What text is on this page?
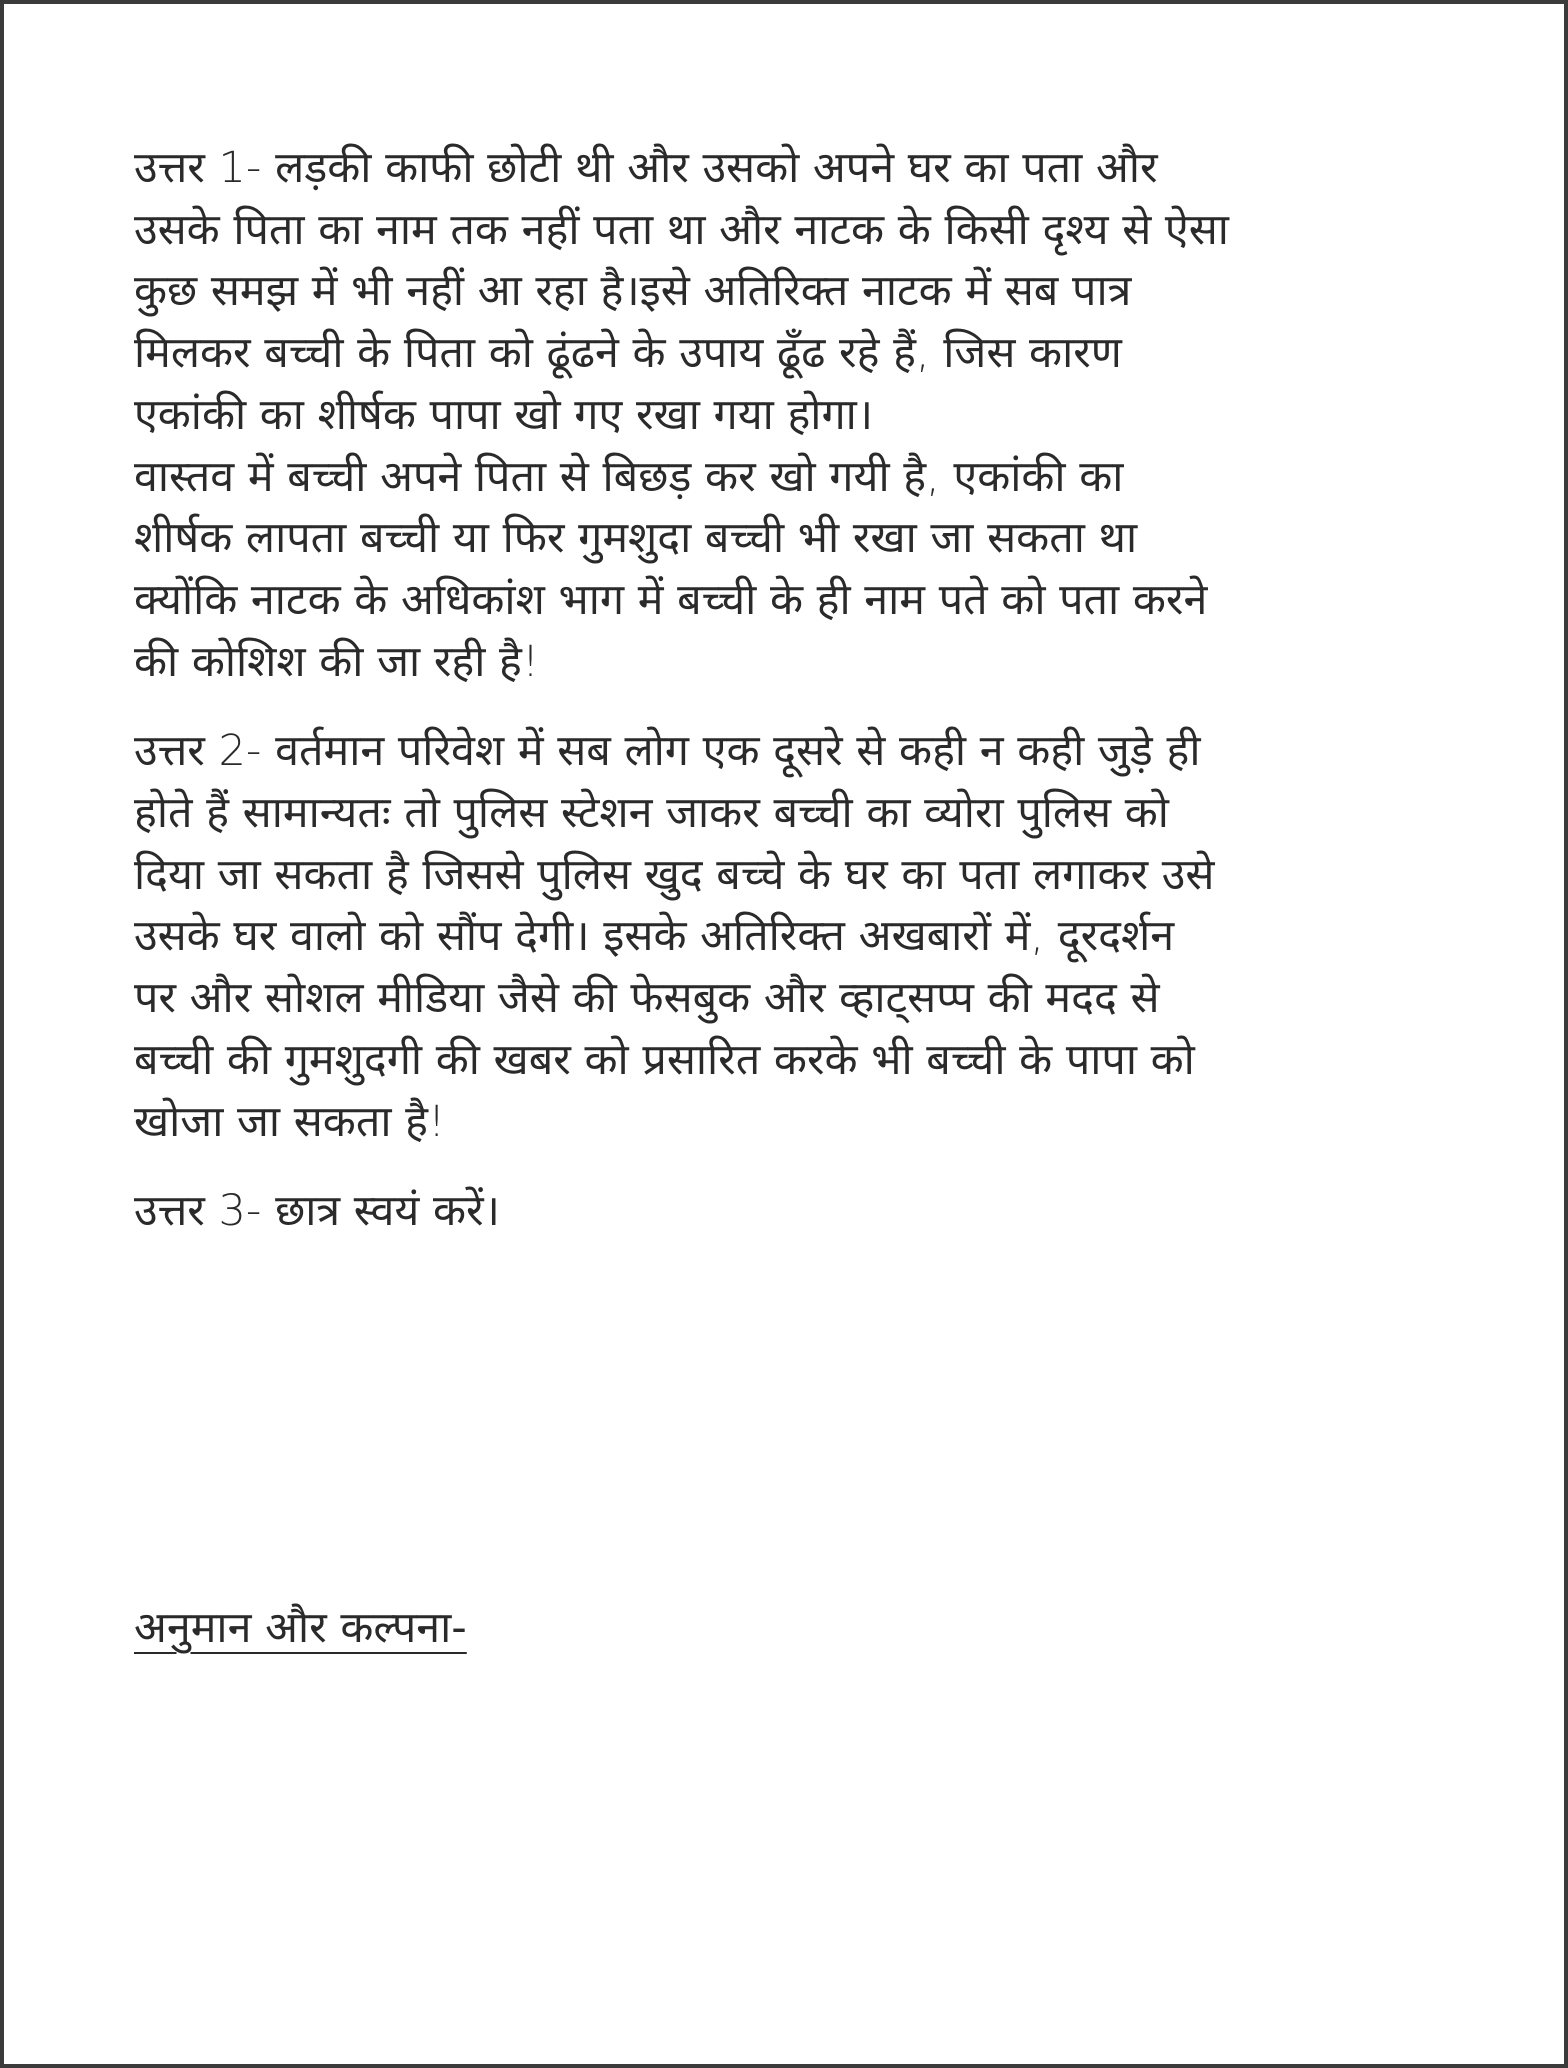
उत्तर 1- लड़की काफी छोटी थी और उसको अपने घर का पता और
उसके पिता का नाम तक नहीं पता था और नाटक के किसी दृश्य से ऐसा
कुछ समझ में भी नहीं आ रहा है।इसे अतिरिक्त नाटक में सब पात्र
मिलकर बच्ची के पिता को ढूंढने के उपाय ढूँढ रहे हैं, जिस कारण
एकांकी का शीर्षक पापा खो गए रखा गया होगा।

वास्तव में बच्ची अपने पिता से बिछड़ कर खो गयी है, एकांकी का
शीर्षक लापता बच्ची या फिर गुमशुदा बच्ची भी रखा जा सकता था
क्योंकि नाटक के अधिकांश भाग में बच्ची के ही नाम पते को पता करने
की कोशिश की जा रही है!

उत्तर 2- वर्तमान परिवेश में सब लोग एक दूसरे से कही न कही जुड़े ही
होते हैं सामान्यतः तो पुलिस स्टेशन जाकर बच्ची का व्योरा पुलिस को
दिया जा सकता है जिससे पुलिस खुद बच्चे के घर का पता लगाकर उसे
उसके घर वालो को सौंप देगी। इसके अतिरिक्त अखबारों में, दूरदर्शन
पर और सोशल मीडिया जैसे की फेसबुक और व्हाट्सप्प की मदद से
बच्ची की गुमशुदगी की खबर को प्रसारित करके भी बच्ची के पापा को
खोजा जा सकता है!

उत्तर 3- छात्र स्वयं करें।

अनुमान और कल्पना-
